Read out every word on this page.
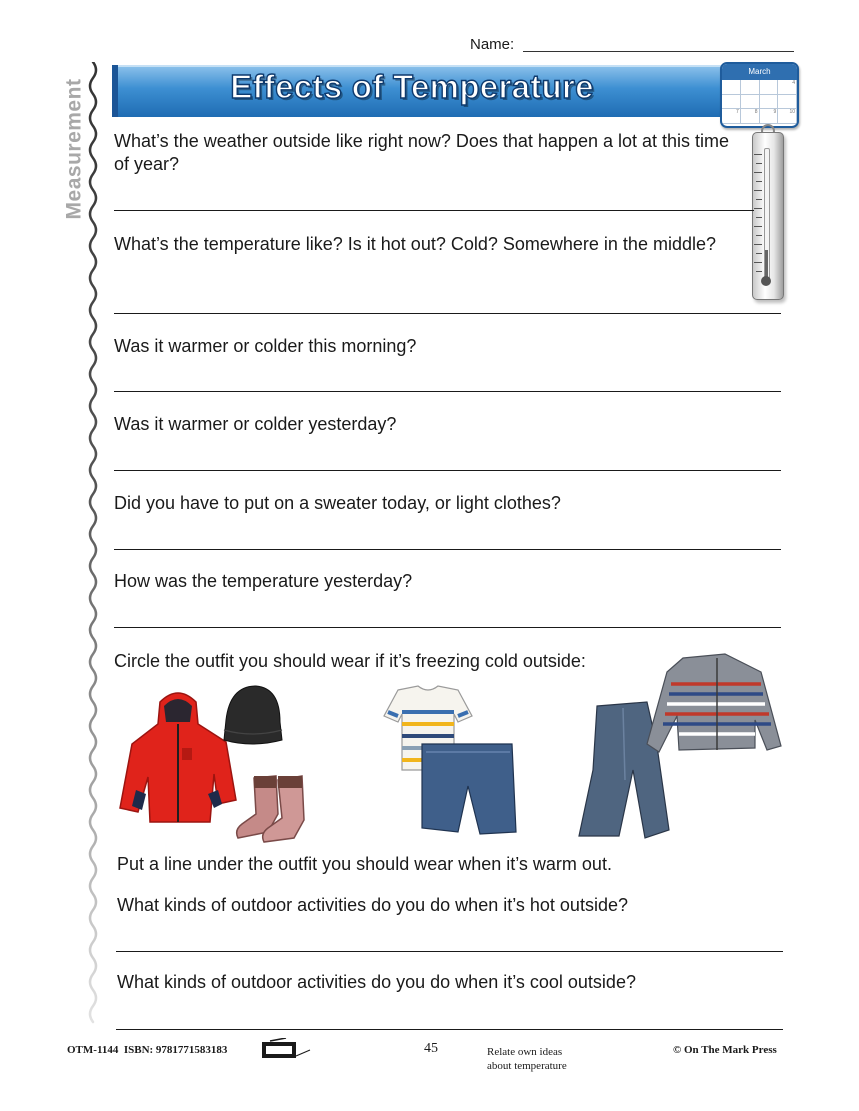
Name:
Measurement	Effects of Temperature	March
4
7	8	9	10
What’s the weather outside like right now? Does that happen a lot at this time of year?
What’s the temperature like? Is it hot out? Cold? Somewhere in the middle?
Was it warmer or colder this morning?
Was it warmer or colder yesterday?
Did you have to put on a sweater today, or light clothes?
How was the temperature yesterday?
Circle the outfit you should wear if it’s freezing cold outside:
Put a line under the outfit you should wear when it’s warm out.
What kinds of outdoor activities do you do when it’s hot outside?
What kinds of outdoor activities do you do when it’s cool outside?
OTM-1144 ISBN: 9781771583183	45	Relate own ideas
about temperature
© On The Mark Press
